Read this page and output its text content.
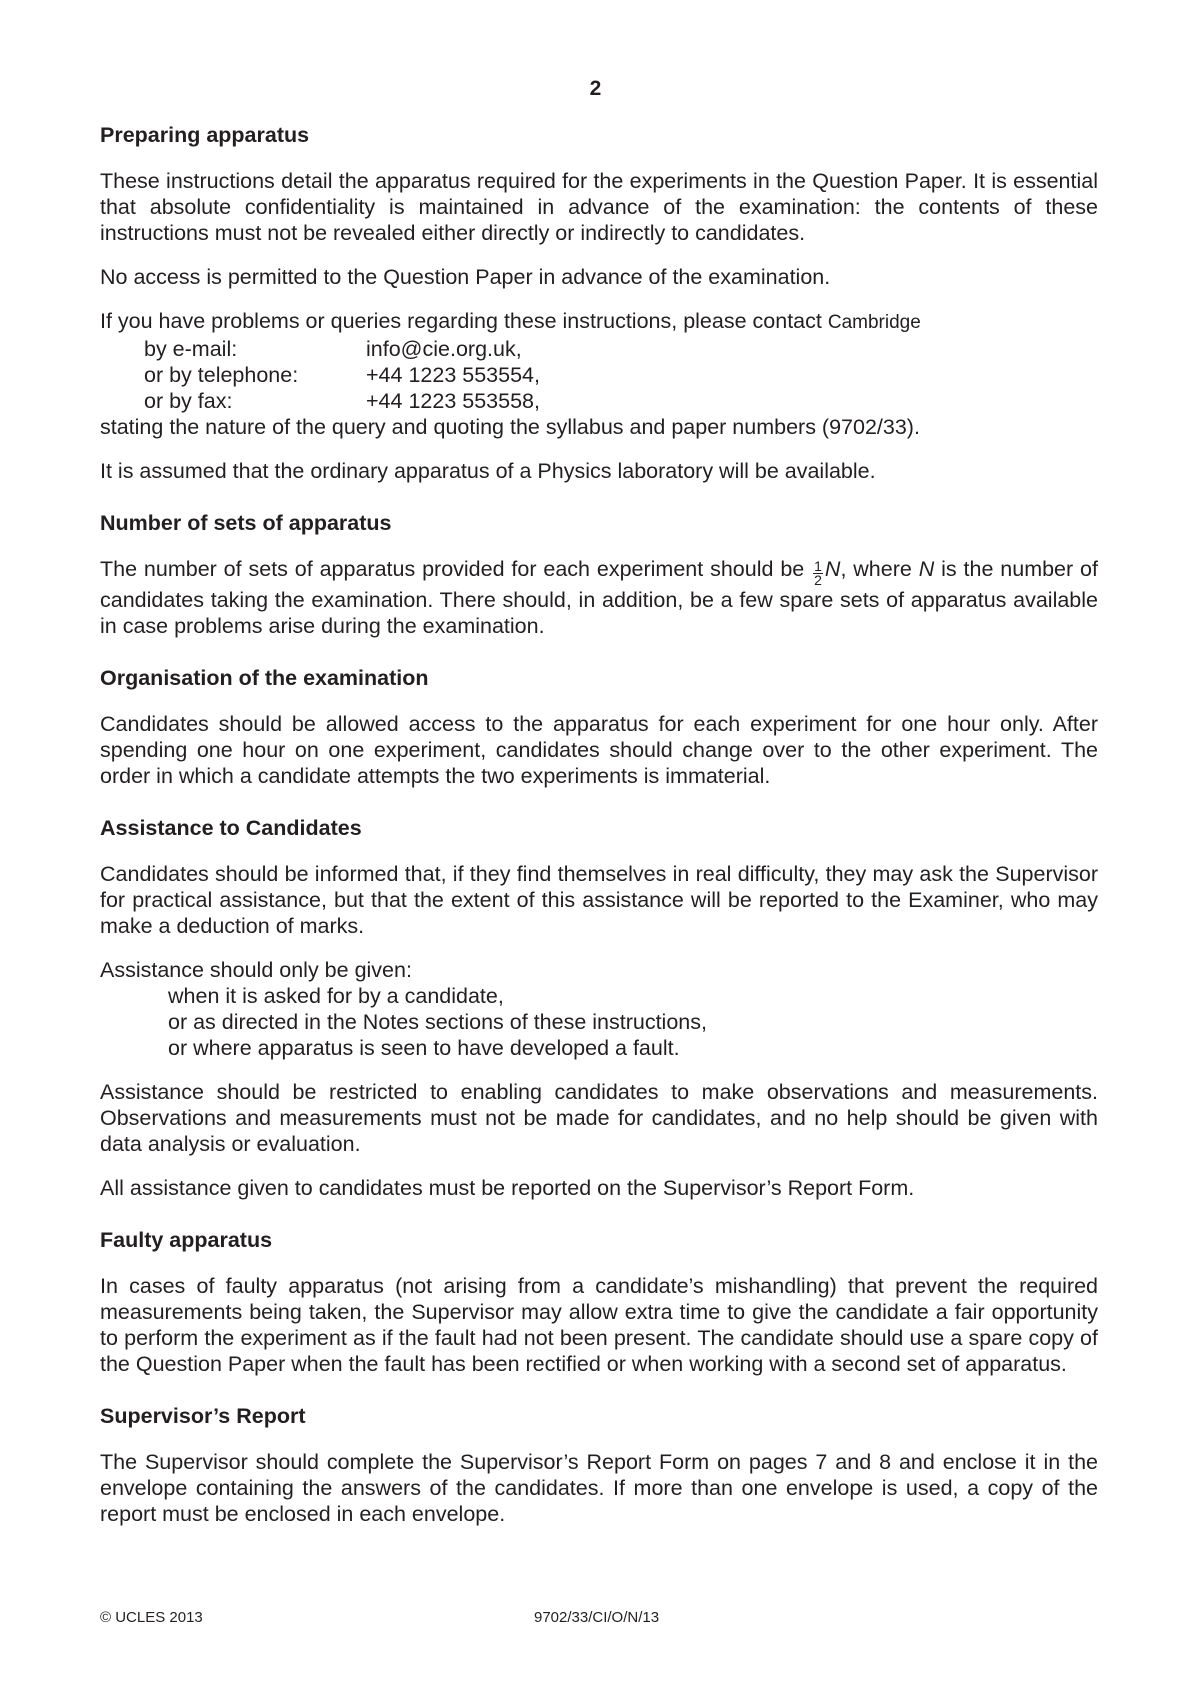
2
Preparing apparatus

These instructions detail the apparatus required for the experiments in the Question Paper. It is essential that absolute confidentiality is maintained in advance of the examination: the contents of these instructions must not be revealed either directly or indirectly to candidates.

No access is permitted to the Question Paper in advance of the examination.

If you have problems or queries regarding these instructions, please contact Cambridge
by e-mail:	info@cie.org.uk,
or by telephone:	+44 1223 553554,
or by fax:	+44 1223 553558,
stating the nature of the query and quoting the syllabus and paper numbers (9702/33).

It is assumed that the ordinary apparatus of a Physics laboratory will be available.

Number of sets of apparatus

The number of sets of apparatus provided for each experiment should be $\frac{1}{2} N$, where N is the number of candidates taking the examination. There should, in addition, be a few spare sets of apparatus available in case problems arise during the examination.

Organisation of the examination

Candidates should be allowed access to the apparatus for each experiment for one hour only. After spending one hour on one experiment, candidates should change over to the other experiment. The order in which a candidate attempts the two experiments is immaterial.

Assistance to Candidates

Candidates should be informed that, if they find themselves in real difficulty, they may ask the Supervisor for practical assistance, but that the extent of this assistance will be reported to the Examiner, who may make a deduction of marks.

Assistance should only be given:
when it is asked for by a candidate,
or as directed in the Notes sections of these instructions,
or where apparatus is seen to have developed a fault.

Assistance should be restricted to enabling candidates to make observations and measurements. Observations and measurements must not be made for candidates, and no help should be given with data analysis or evaluation.

All assistance given to candidates must be reported on the Supervisor’s Report Form.

Faulty apparatus

In cases of faulty apparatus (not arising from a candidate’s mishandling) that prevent the required measurements being taken, the Supervisor may allow extra time to give the candidate a fair opportunity to perform the experiment as if the fault had not been present. The candidate should use a spare copy of the Question Paper when the fault has been rectified or when working with a second set of apparatus.

Supervisor’s Report

The Supervisor should complete the Supervisor’s Report Form on pages 7 and 8 and enclose it in the envelope containing the answers of the candidates. If more than one envelope is used, a copy of the report must be enclosed in each envelope.

© UCLES 2013	9702/33/CI/O/N/13
